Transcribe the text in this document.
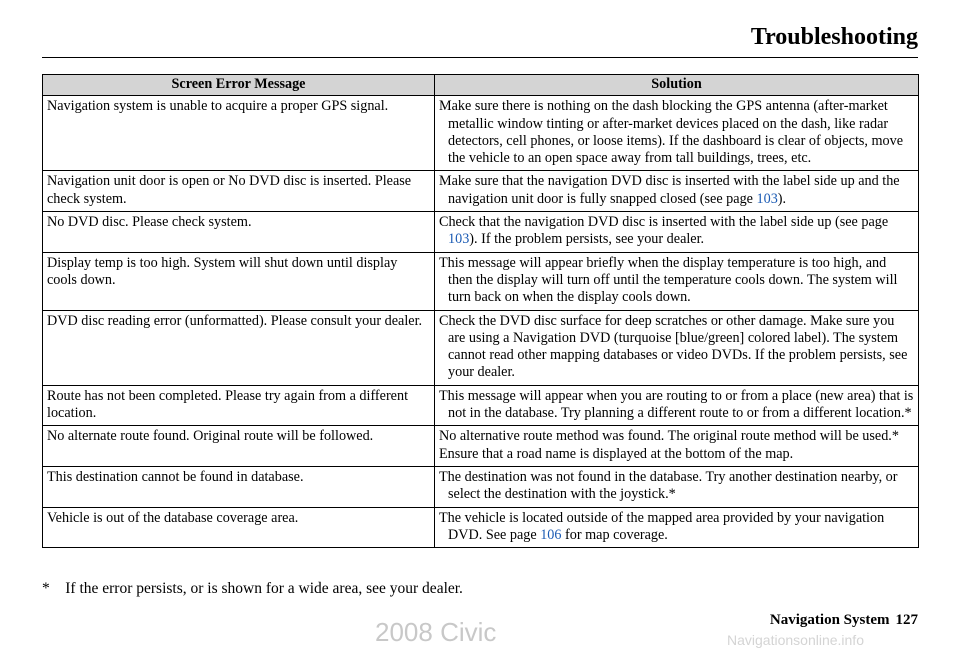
Troubleshooting
Screen Error Message	Solution
Navigation system is unable to acquire a proper GPS signal.	Make sure there is nothing on the dash blocking the GPS antenna (after-market metallic window tinting or after-market devices placed on the dash, like radar detectors, cell phones, or loose items). If the dashboard is clear of objects, move the vehicle to an open space away from tall buildings, trees, etc.
Navigation unit door is open or No DVD disc is inserted. Please check system.	Make sure that the navigation DVD disc is inserted with the label side up and the navigation unit door is fully snapped closed (see page 103).
No DVD disc. Please check system.	Check that the navigation DVD disc is inserted with the label side up (see page 103). If the problem persists, see your dealer.
Display temp is too high. System will shut down until display cools down.	This message will appear briefly when the display temperature is too high, and then the display will turn off until the temperature cools down. The system will turn back on when the display cools down.
DVD disc reading error (unformatted). Please consult your dealer.	Check the DVD disc surface for deep scratches or other damage. Make sure you are using a Navigation DVD (turquoise [blue/green] colored label). The system cannot read other mapping databases or video DVDs. If the problem persists, see your dealer.
Route has not been completed. Please try again from a different location.	This message will appear when you are routing to or from a place (new area) that is not in the database. Try planning a different route to or from a different location.*
No alternate route found. Original route will be followed.	No alternative route method was found. The original route method will be used.*
Ensure that a road name is displayed at the bottom of the map.

This destination cannot be found in database.	The destination was not found in the database. Try another destination nearby, or select the destination with the joystick.*
Vehicle is out of the database coverage area.	The vehicle is located outside of the mapped area provided by your navigation DVD. See page 106 for map coverage.
*  If the error persists, or is shown for a wide area, see your dealer.
Navigation System 127
2008 Civic	Navigationsonline.info
